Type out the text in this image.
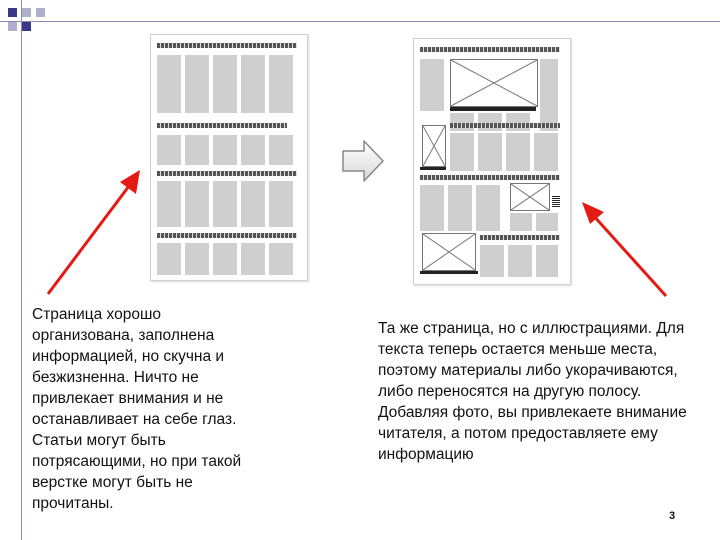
Страница хорошо организована, заполнена информацией, но скучна и безжизненна. Ничто не привлекает внимания и не останавливает на себе глаз. Статьи могут быть потрясающими, но при такой верстке могут быть не прочитаны.

Та же страница, но с иллюстрациями. Для текста теперь остается меньше места, поэтому материалы либо укорачиваются, либо переносятся на другую полосу. Добавляя фото, вы привлекаете внимание читателя, а потом предоставляете ему информацию

3
